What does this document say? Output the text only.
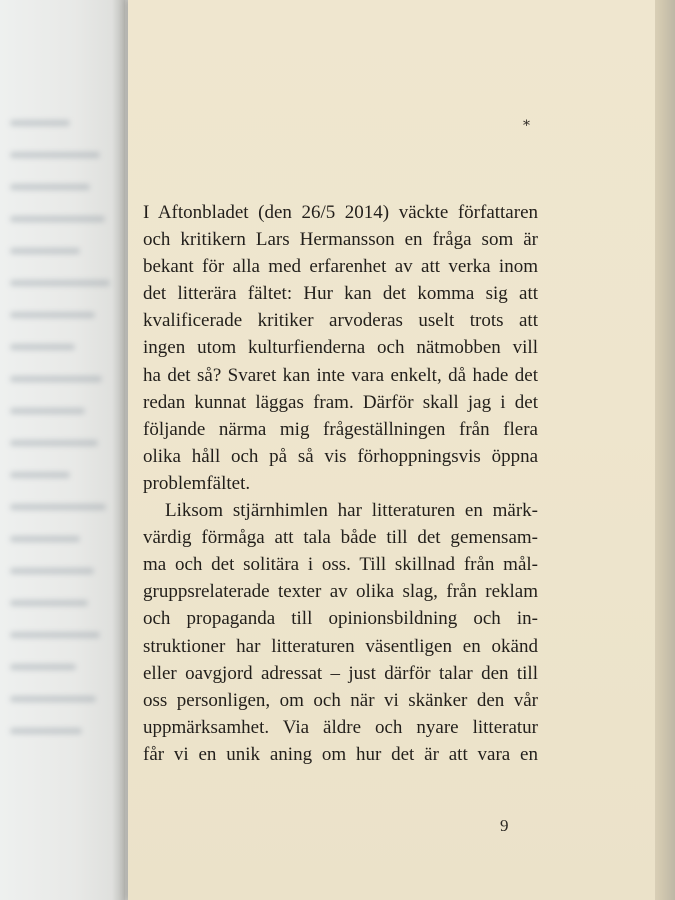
*
I Aftonbladet (den 26/5 2014) väckte författaren
och kritikern Lars Hermansson en fråga som är
bekant för alla med erfarenhet av att verka inom
det litterära fältet: Hur kan det komma sig att
kvalificerade kritiker arvoderas uselt trots att
ingen utom kulturfienderna och nätmobben vill
ha det så? Svaret kan inte vara enkelt, då hade det
redan kunnat läggas fram. Därför skall jag i det
följande närma mig frågeställningen från flera
olika håll och på så vis förhoppningsvis öppna
problemfältet.
Liksom stjärnhimlen har litteraturen en märk-
värdig förmåga att tala både till det gemensam-
ma och det solitära i oss. Till skillnad från mål-
gruppsrelaterade texter av olika slag, från reklam
och propaganda till opinionsbildning och in-
struktioner har litteraturen väsentligen en okänd
eller oavgjord adressat – just därför talar den till
oss personligen, om och när vi skänker den vår
uppmärksamhet. Via äldre och nyare litteratur
får vi en unik aning om hur det är att vara en
9
